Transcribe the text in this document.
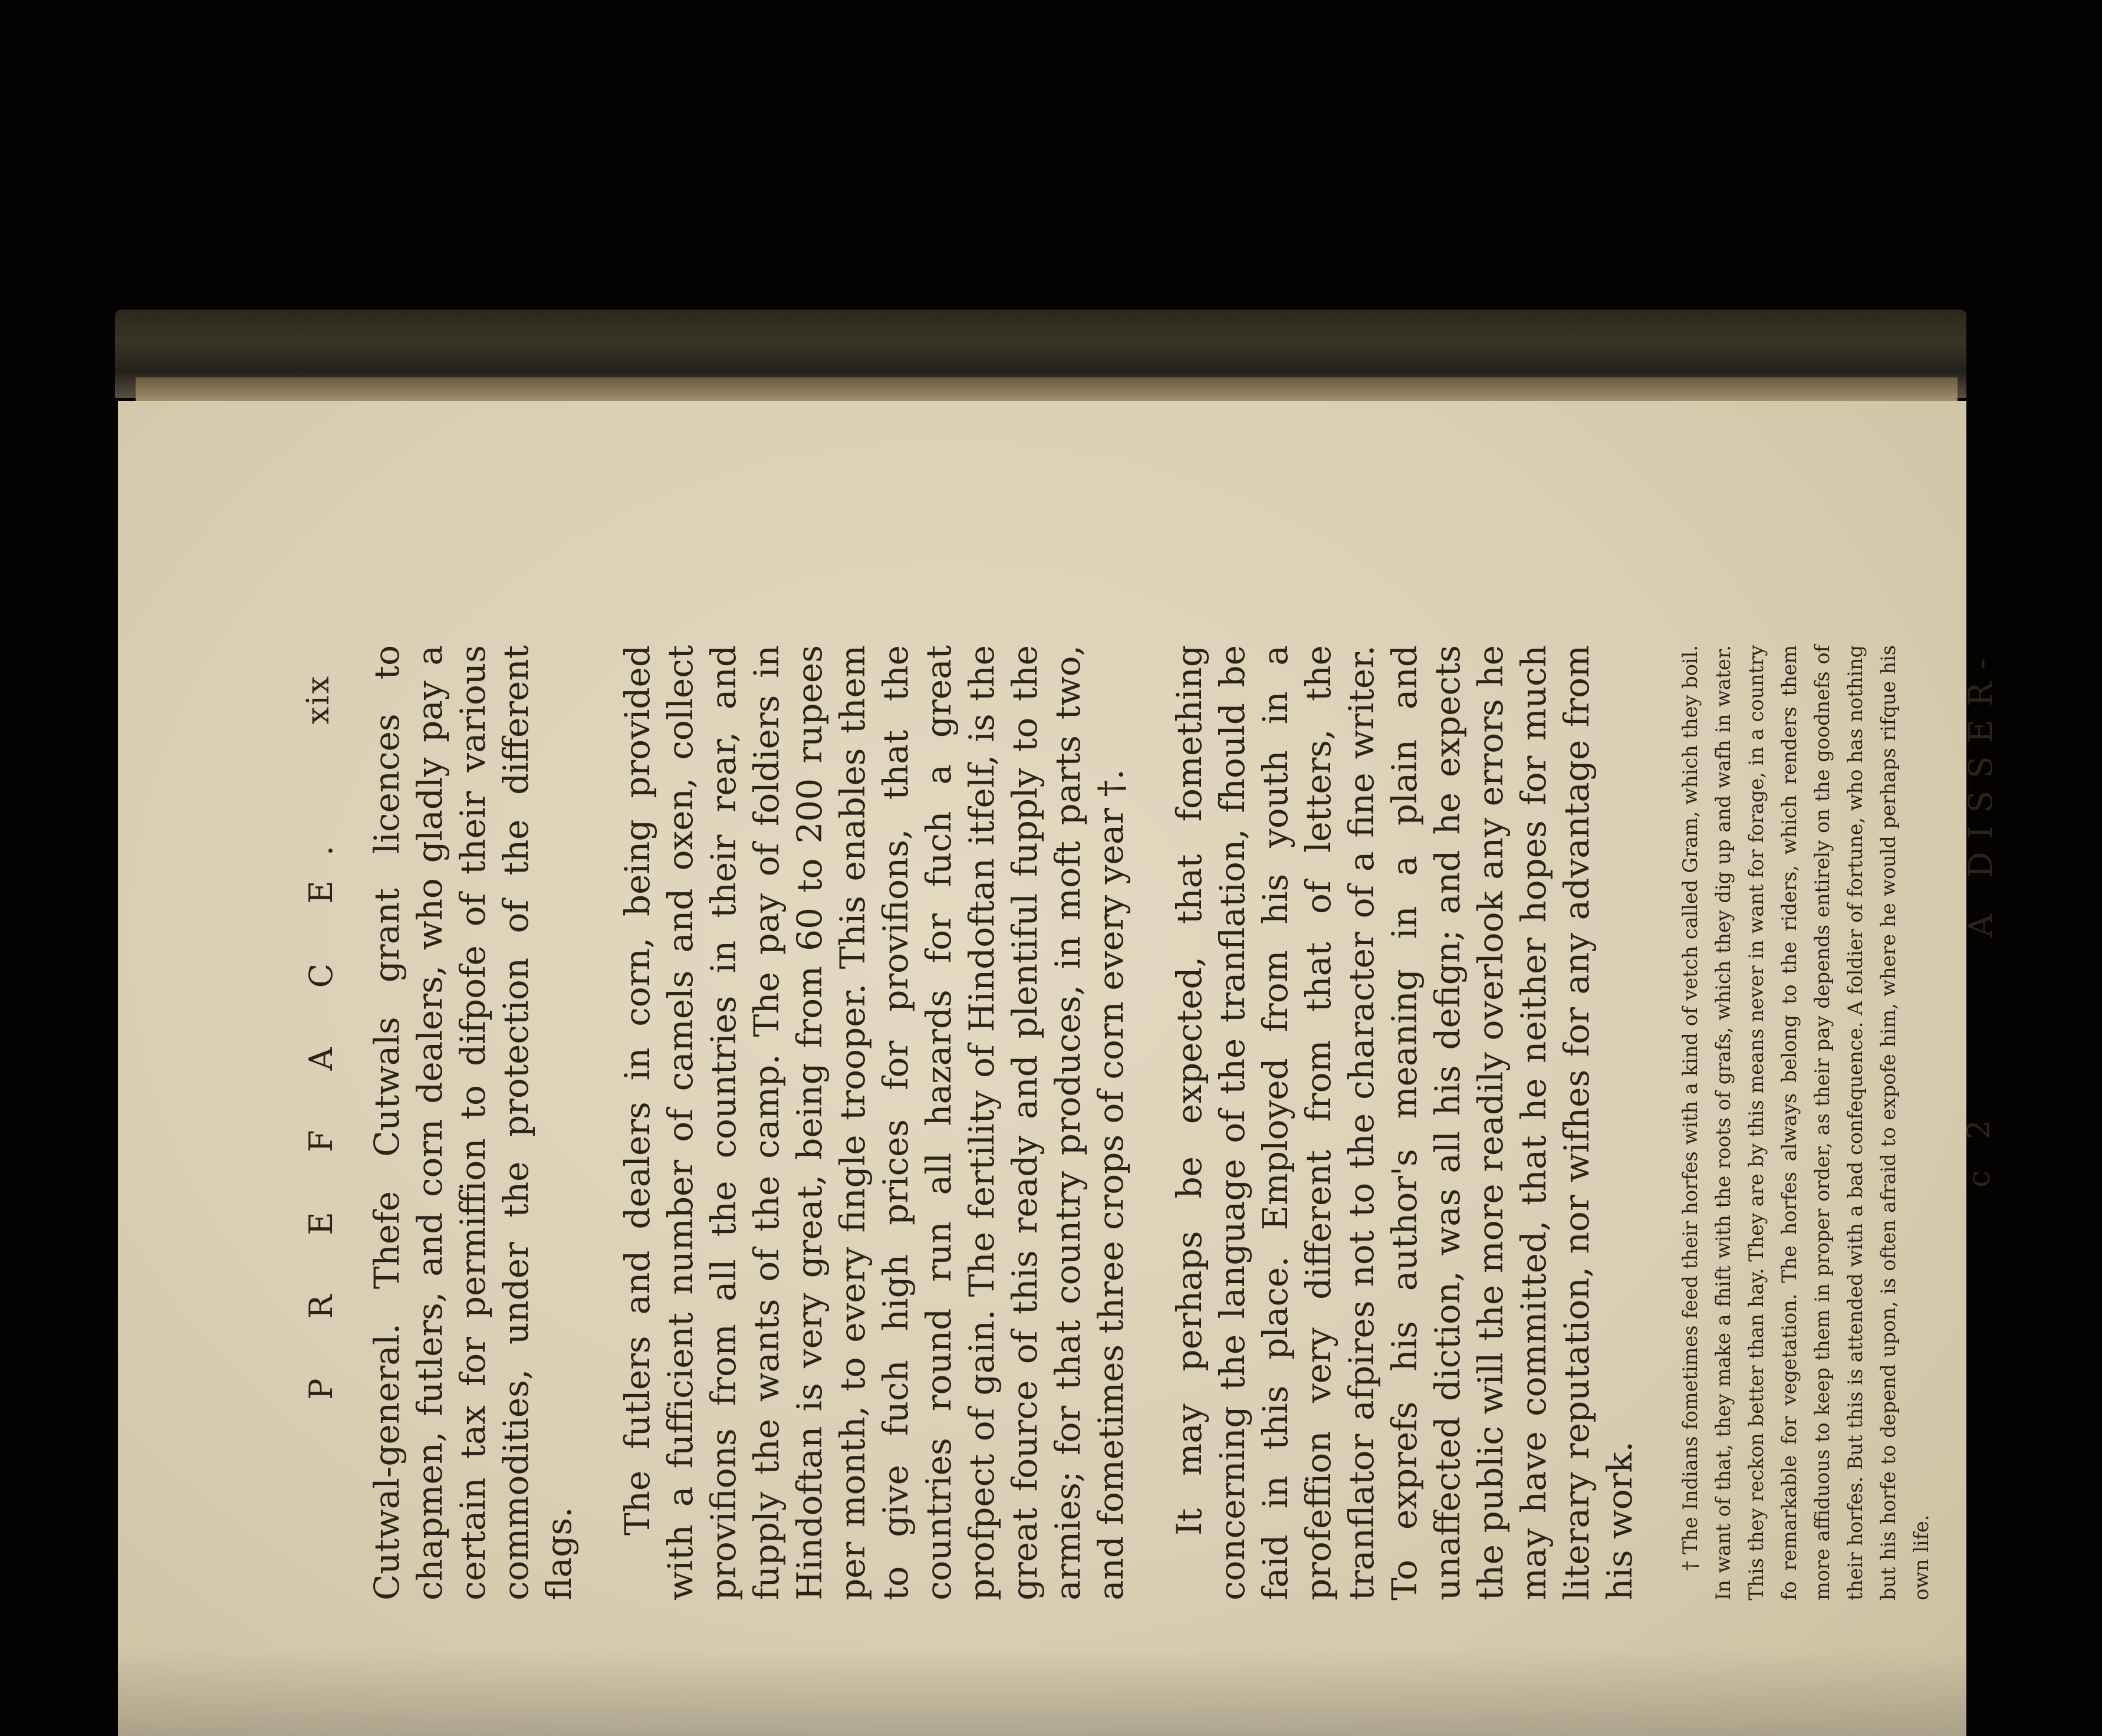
xix
P R E F A C E. Cutwal-general. Thefe Cutwals grant licences to chapmen, futlers, and corn dealers, who gladly pay a certain tax for permiffion to difpofe of their various commodities, under the protection of the different flags.

The futlers and dealers in corn, being provided with a fufficient number of camels and oxen, collect provifions from all the countries in their rear, and fupply the wants of the camp. The pay of foldiers in Hindoftan is very great, being from 60 to 200 rupees per month, to every fingle trooper. This enables them to give fuch high prices for provifions, that the countries round run all hazards for fuch a great profpect of gain. The fertility of Hindoftan itfelf, is the great fource of this ready and plentiful fupply to the armies; for that country produces, in moft parts two, and fometimes three crops of corn every year †. It may perhaps be expected, that fomething concerning the language of the tranflation, fhould be faid in this place. Employed from his youth in a profeffion very different from that of letters, the tranflator afpires not to the character of a fine writer. To exprefs his author's meaning in a plain and unaffected diction, was all his defign; and he expects the public will the more readily overlook any errors he may have committed, that he neither hopes for much literary reputation, nor wifhes for any advantage from his work. † The Indians fometimes feed their horfes with a kind of vetch called Gram, which they boil. In want of that, they make a fhift with the roots of grafs, which they dig up and wafh in water. This they reckon better than hay. They are by this means never in want for forage, in a country fo remarkable for vegetation. The horfes always belong to the riders, which renders them more affiduous to keep them in proper order, as their pay depends entirely on the goodnefs of their horfes. But this is attended with a bad confequence. A foldier of fortune, who has nothing but his horfe to depend upon, is often afraid to expofe him, where he would perhaps rifque his own life.

c 2
A DISSER-
